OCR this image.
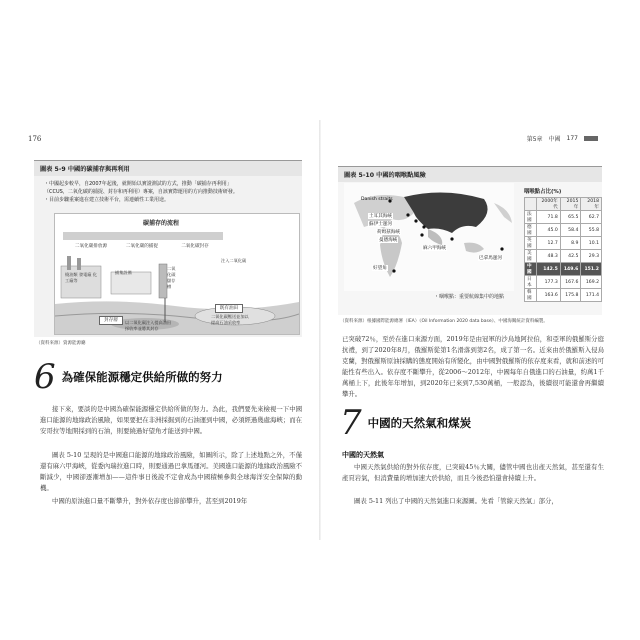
176
圖表 5-9 中國的碳捕存與再利用
・中國起步較早，自2007年起後，就開始以實證測試的方式，推動「碳捕存再利用」
（CCUS，二氧化碳的捕捉、封存和再利用）專案，自該實際運用的方向推動技術研發。
・目前步驟重案進在建立技術平台，需連續性工業用途。
碳捕存的流程
二氧化碳排放源	二氧化碳的捕捉	二氧化碳封存
注入二氧化碳
燒油類 發電廠 化工廠等
捕集設備
二氧化碳儲存槽
封存層
既有油田
二氧化碳壓送並加以
提高石油采收率
以二氧化碳注入提高油田
採收率並將其封存
（資料來源）資源能源廳
6 為確保能源穩定供給所做的努力
接下來，要談的是中國為確保能源穩定供給所做的努力。為此，我們要先來檢視一下中國進口能源的地緣政治風險，如果要把在非洲採掘到的石油運到中國，必須經過幾處海峽；而在安哥拉等地開採到的石油，則要繞過好望角才能送到中國。
圖表 5-10 呈現的是中國進口能源的地緣政治風險，如圖所示，除了上述地點之外，不僅還有麻六甲海峽，從委內瑞拉進口時，則要通過巴拿馬運河。美國進口能源的地緣政治風險不斷減少，中國卻逐漸增加——這件事日後說不定會成為中國積極參與全球海洋安全保障的動機。
中國的原油進口量不斷攀升，對外依存度也節節攀升，甚至到2019年
第5章　中國 177
圖表 5-10 中國的咽喉點風險
Danish straits
土耳其海峽
蘇伊士運河
荷姆茲海峽
曼德海峽
麻六甲海峽
好望角
巴拿馬運河
咽喉點占比(%)
	2000年代	2015年	2018年
法國	71.8	65.5	62.7
德國	45.0	58.4	55.8
英國	12.7	8.9	10.1
美國	48.3	42.5	29.3
中國	142.5	149.6	151.2
日本	177.3	167.6	169.2
韓國	163.6	175.8	171.4
・咽喉點：重要航線集中的地點
（資料來源）根據國際能源總署（IEA）《Oil Information 2020 data base》、中國海關統計資料編製。
已突破72％，至於在進口來源方面，2019年是由冠軍的沙烏地阿拉伯，和亞軍的俄羅斯分庭抗禮，到了2020年8月，俄羅斯從第1名滑落到第2名，成了第一名。近來由於俄羅斯入侵烏克蘭，對俄羅斯原油採購的態度開始有所變化，由中國對俄羅斯的依存度來看，就和前述的可能性有些出入。依存度不斷攀升，從2006～2012年，中國每年自俄進口的石油量，約萬1千萬桶上下，此後年年增加，到2020年已來到7,530萬桶，一般認為，後續很可能還會再繼續攀升。
7 中國的天然氣和煤炭
中國的天然氣
中國天然氣供給的對外依存度，已突破45％大關，儘管中國也出產天然氣，甚至還有生產頁岩氣，但消費量的增加速大於供給，而且今後恐怕還會持續上升。
圖表 5-11 列出了中國的天然氣進口來源圖。先看「管線天然氣」部分，
